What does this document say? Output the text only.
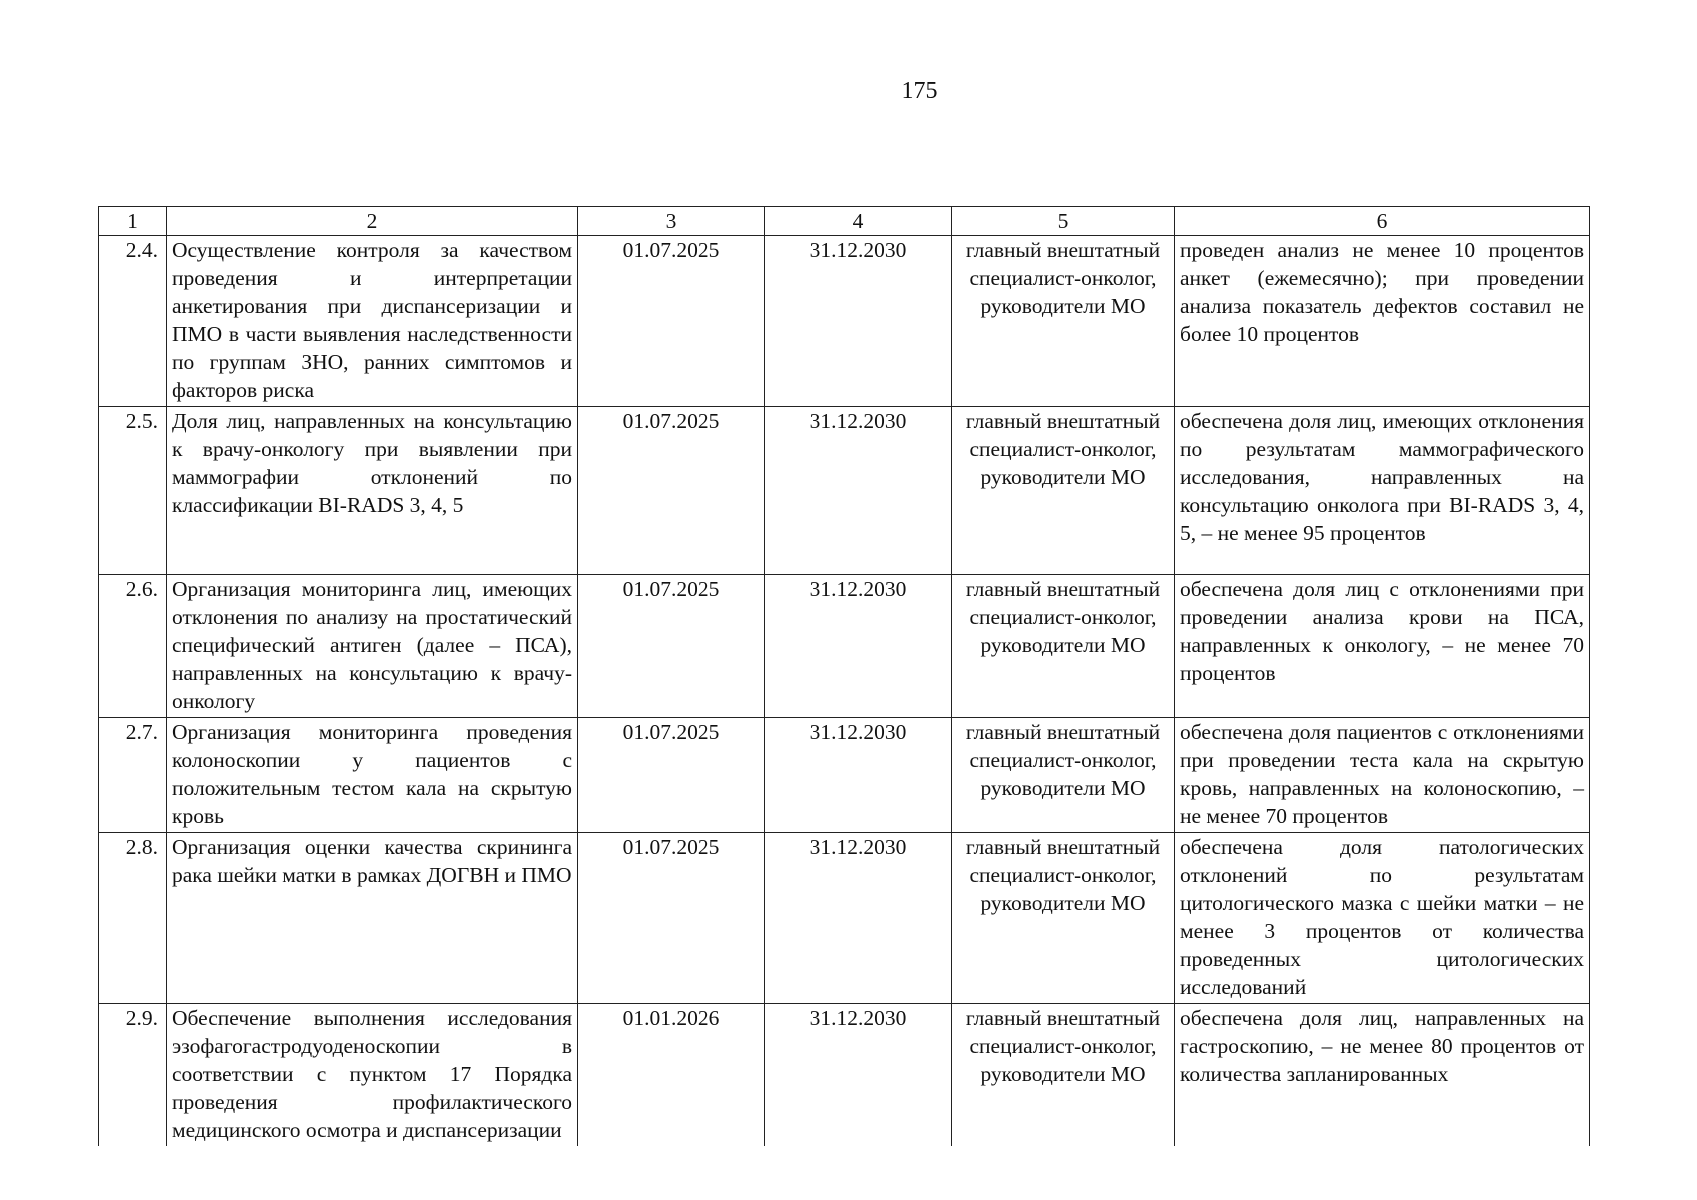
175
1	2	3	4	5	6
2.4.	Осуществление контроля за качеством проведения и интерпретации анкетирования при диспансеризации и ПМО в части выявления наследственности по группам ЗНО, ранних симптомов и факторов риска	01.07.2025	31.12.2030	главный внештатный специалист-онколог, руководители МО	проведен анализ не менее 10 процентов анкет (ежемесячно); при проведении анализа показатель дефектов составил не более 10 процентов
2.5.	Доля лиц, направленных на консультацию к врачу-онкологу при выявлении при маммографии отклонений по классификации BI-RADS 3, 4, 5	01.07.2025	31.12.2030	главный внештатный специалист-онколог, руководители МО	обеспечена доля лиц, имеющих отклонения по результатам маммографического исследования, направленных на консультацию онколога при BI-RADS 3, 4, 5, – не менее 95 процентов
2.6.	Организация мониторинга лиц, имеющих отклонения по анализу на простатический специфический антиген (далее – ПСА), направленных на консультацию к врачу-онкологу	01.07.2025	31.12.2030	главный внештатный специалист-онколог, руководители МО	обеспечена доля лиц с отклонениями при проведении анализа крови на ПСА, направленных к онкологу, – не менее 70 процентов
2.7.	Организация мониторинга проведения колоноскопии у пациентов с положительным тестом кала на скрытую кровь	01.07.2025	31.12.2030	главный внештатный специалист-онколог, руководители МО	обеспечена доля пациентов с отклонениями при проведении теста кала на скрытую кровь, направленных на колоноскопию, – не менее 70 процентов
2.8.	Организация оценки качества скрининга рака шейки матки в рамках ДОГВН и ПМО	01.07.2025	31.12.2030	главный внештатный специалист-онколог, руководители МО	обеспечена доля патологических отклонений по результатам цитологического мазка с шейки матки – не менее 3 процентов от количества проведенных цитологических исследований
2.9.	Обеспечение выполнения исследования эзофагогастродуоденоскопии в соответствии с пунктом 17 Порядка проведения профилактического медицинского осмотра и диспансеризации	01.01.2026	31.12.2030	главный внештатный специалист-онколог, руководители МО	обеспечена доля лиц, направленных на гастроскопию, – не менее 80 процентов от количества запланированных
